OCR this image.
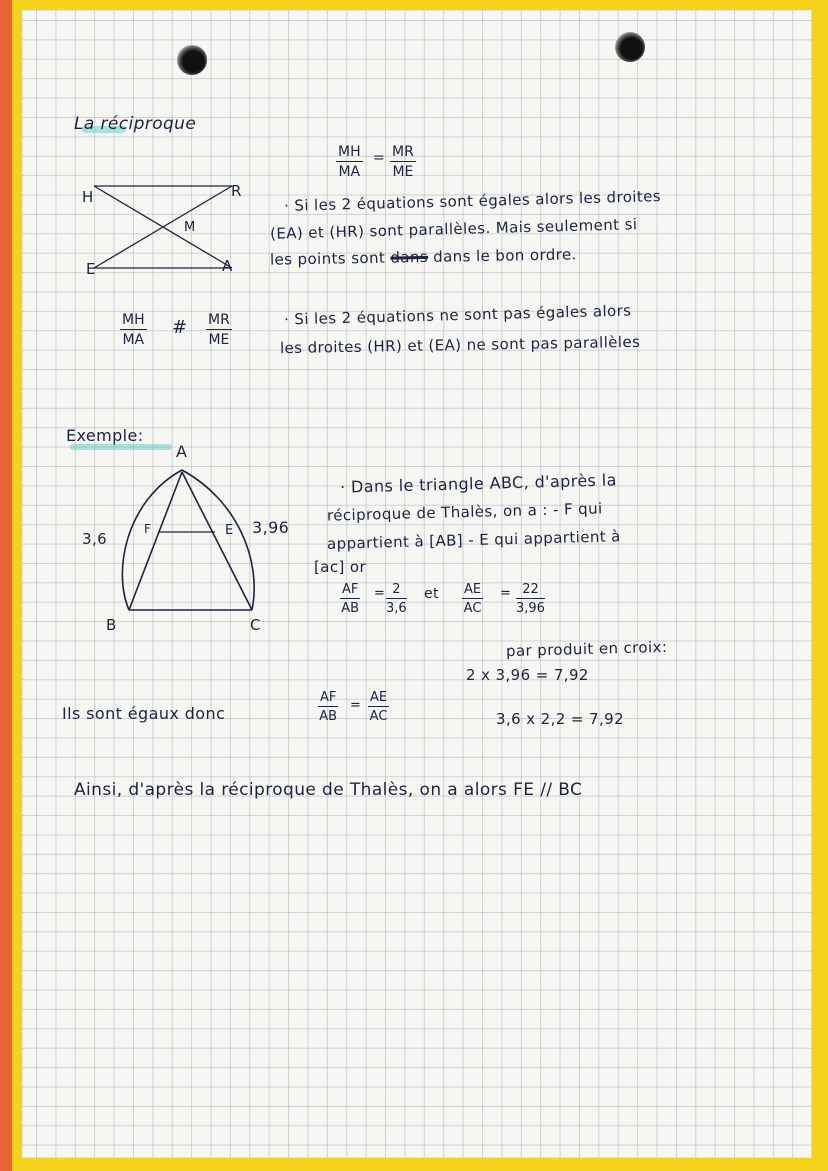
La réciproque
H	R
M
E	A
$\frac{MH}{MA} = \frac{MR}{ME}$
· Si les 2 équations sont égales alors les droites
(EA) et (HR) sont parallèles. Mais seulement si
les points sont dans dans le bon ordre.
$\frac{MH}{MA}$ # $\frac{MR}{ME}$	· Si les 2 équations ne sont pas égales alors
les droites (HR) et (EA) ne sont pas parallèles
Exemple:
A
B	C
F	E
3,6
3,96
· Dans le triangle ABC, d'après la
réciproque de Thalès, on a : - F qui
appartient à [AB] - E qui appartient à
[ac] or
$\frac{AF}{AB} = \frac{2}{3,6}$ et $\frac{AE}{AC} = \frac{22}{3,96}$
par produit en croix:
2 x 3,96 = 7,92
3,6 x 2,2 = 7,92
Ils sont égaux donc	$\frac{AF}{AB} = \frac{AE}{AC}$
Ainsi, d'après la réciproque de Thalès, on a alors FE // BC
